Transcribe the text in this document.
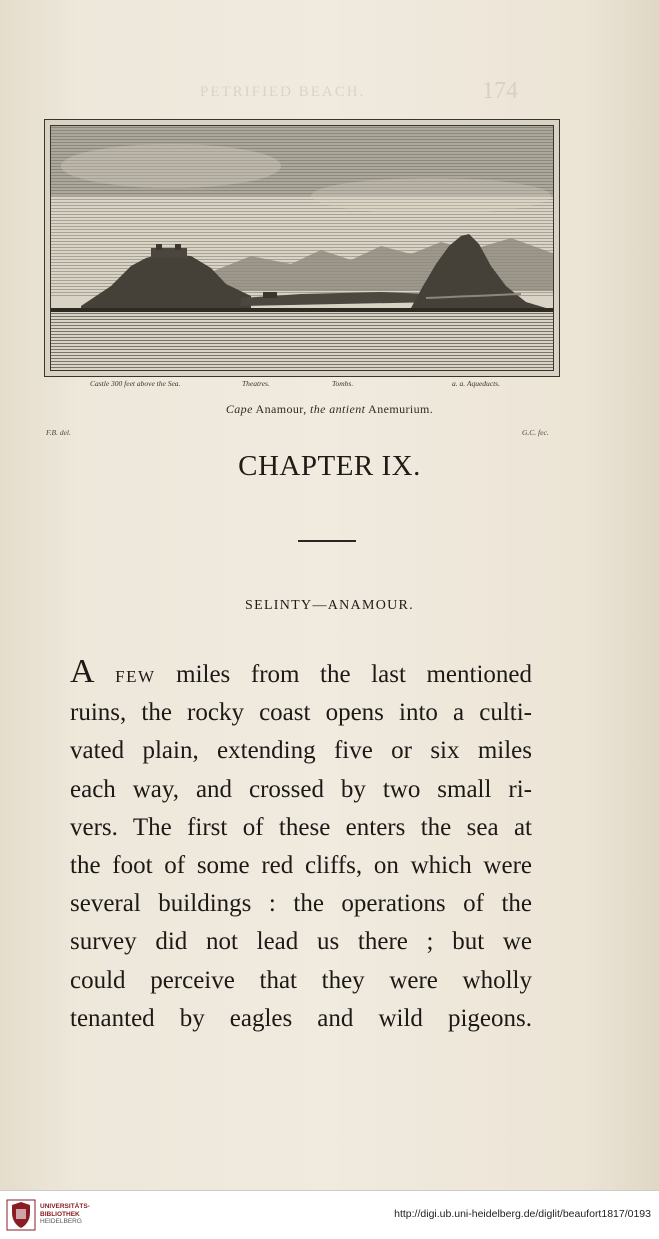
PETRIFIED BEACH.	174
Castle 300 feet above the Sea.	Theatres.	Tombs.	a. a. Aqueducts.
Cape Anamour, the antient Anemurium.
F.B. del.	G.C. fec.
CHAPTER IX.
SELINTY—ANAMOUR.
A FEW miles from the last mentioned
ruins, the rocky coast opens into a culti-
vated plain, extending five or six miles
each way, and crossed by two small ri-
vers. The first of these enters the sea at
the foot of some red cliffs, on which were
several buildings : the operations of the
survey did not lead us there ; but we
could perceive that they were wholly
tenanted by eagles and wild pigeons.
UNIVERSITÄTS-
BIBLIOTHEK
HEIDELBERG
http://digi.ub.uni-heidelberg.de/diglit/beaufort1817/0193
